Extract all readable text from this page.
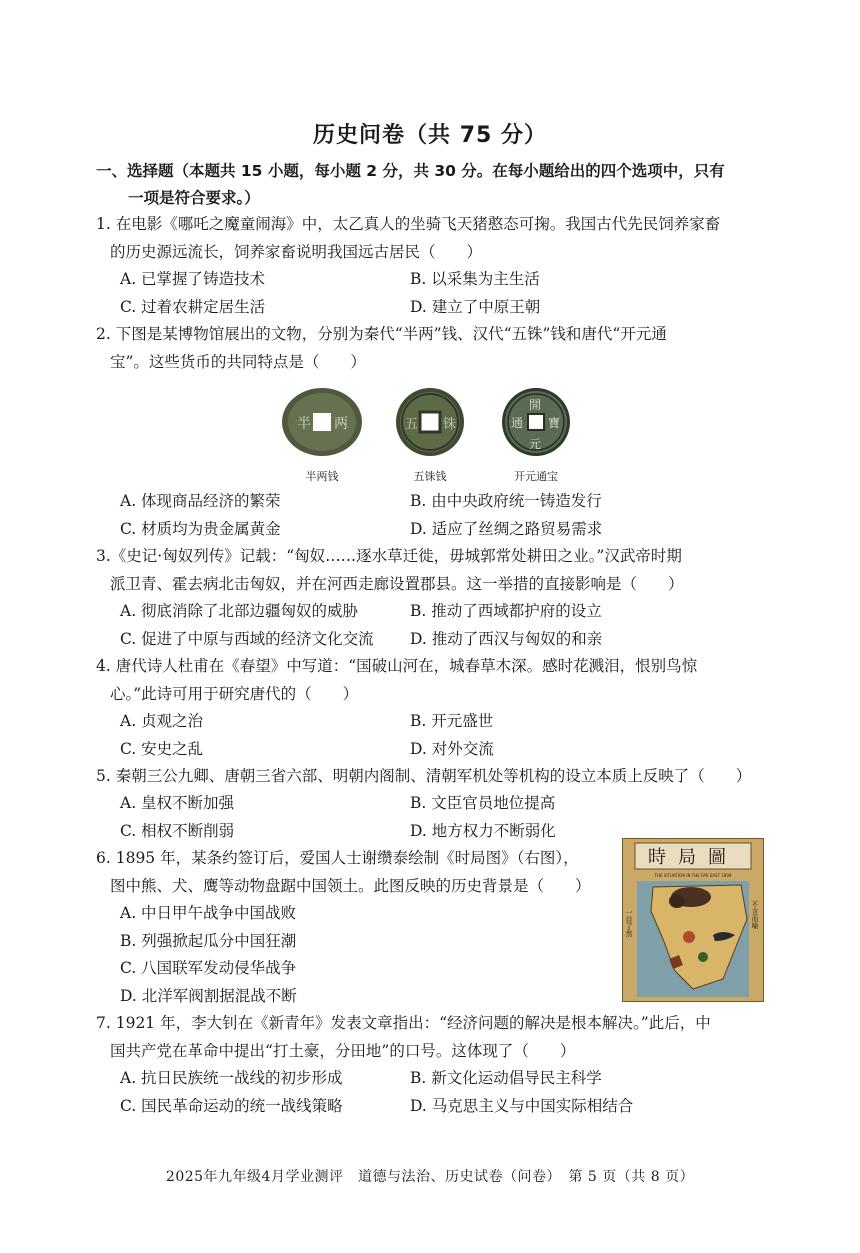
历史问卷（共 75 分）
一、选择题（本题共 15 小题，每小题 2 分，共 30 分。在每小题给出的四个选项中，只有
一项是符合要求。）
1. 在电影《哪吒之魔童闹海》中，太乙真人的坐骑飞天猪憨态可掬。我国古代先民饲养家畜
的历史源远流长，饲养家畜说明我国远古居民（　　）
A. 已掌握了铸造技术	B. 以采集为主生活
C. 过着农耕定居生活	D. 建立了中原王朝
2. 下图是某博物馆展出的文物，分别为秦代“半两”钱、汉代“五铢”钱和唐代“开元通
宝”。这些货币的共同特点是（　　）
半 两
半两钱
五 铢
五铢钱
開
元
通 寶
开元通宝
A. 体现商品经济的繁荣	B. 由中央政府统一铸造发行
C. 材质均为贵金属黄金	D. 适应了丝绸之路贸易需求
3.《史记·匈奴列传》记载：“匈奴……逐水草迁徙，毋城郭常处耕田之业。”汉武帝时期
派卫青、霍去病北击匈奴，并在河西走廊设置郡县。这一举措的直接影响是（　　）
A. 彻底消除了北部边疆匈奴的威胁	B. 推动了西域都护府的设立
C. 促进了中原与西域的经济文化交流 D. 推动了西汉与匈奴的和亲
4. 唐代诗人杜甫在《春望》中写道：“国破山河在，城春草木深。感时花溅泪，恨别鸟惊
心。”此诗可用于研究唐代的（　　）
A. 贞观之治	B. 开元盛世
C. 安史之乱	D. 对外交流
5. 秦朝三公九卿、唐朝三省六部、明朝内阁制、清朝军机处等机构的设立本质上反映了（　　）
A. 皇权不断加强	B. 文臣官员地位提高
C. 相权不断削弱	D. 地方权力不断弱化
6. 1895 年，某条约签订后，爱国人士谢缵泰绘制《时局图》（右图），
图中熊、犬、鹰等动物盘踞中国领土。此图反映的历史背景是（　　）
A. 中日甲午战争中国战败
B. 列强掀起瓜分中国狂潮
C. 八国联军发动侵华战争
D. 北洋军阀割据混战不断
時局圖
THE SITUATION IN THE FAR EAST 1899
一目了然	不言而喻
7. 1921 年，李大钊在《新青年》发表文章指出：“经济问题的解决是根本解决。”此后，中
国共产党在革命中提出“打土豪，分田地”的口号。这体现了（　　）
A. 抗日民族统一战线的初步形成	B. 新文化运动倡导民主科学
C. 国民革命运动的统一战线策略	D. 马克思主义与中国实际相结合
2025年九年级4月学业测评　道德与法治、历史试卷（问卷）　第 5 页（共 8 页）
